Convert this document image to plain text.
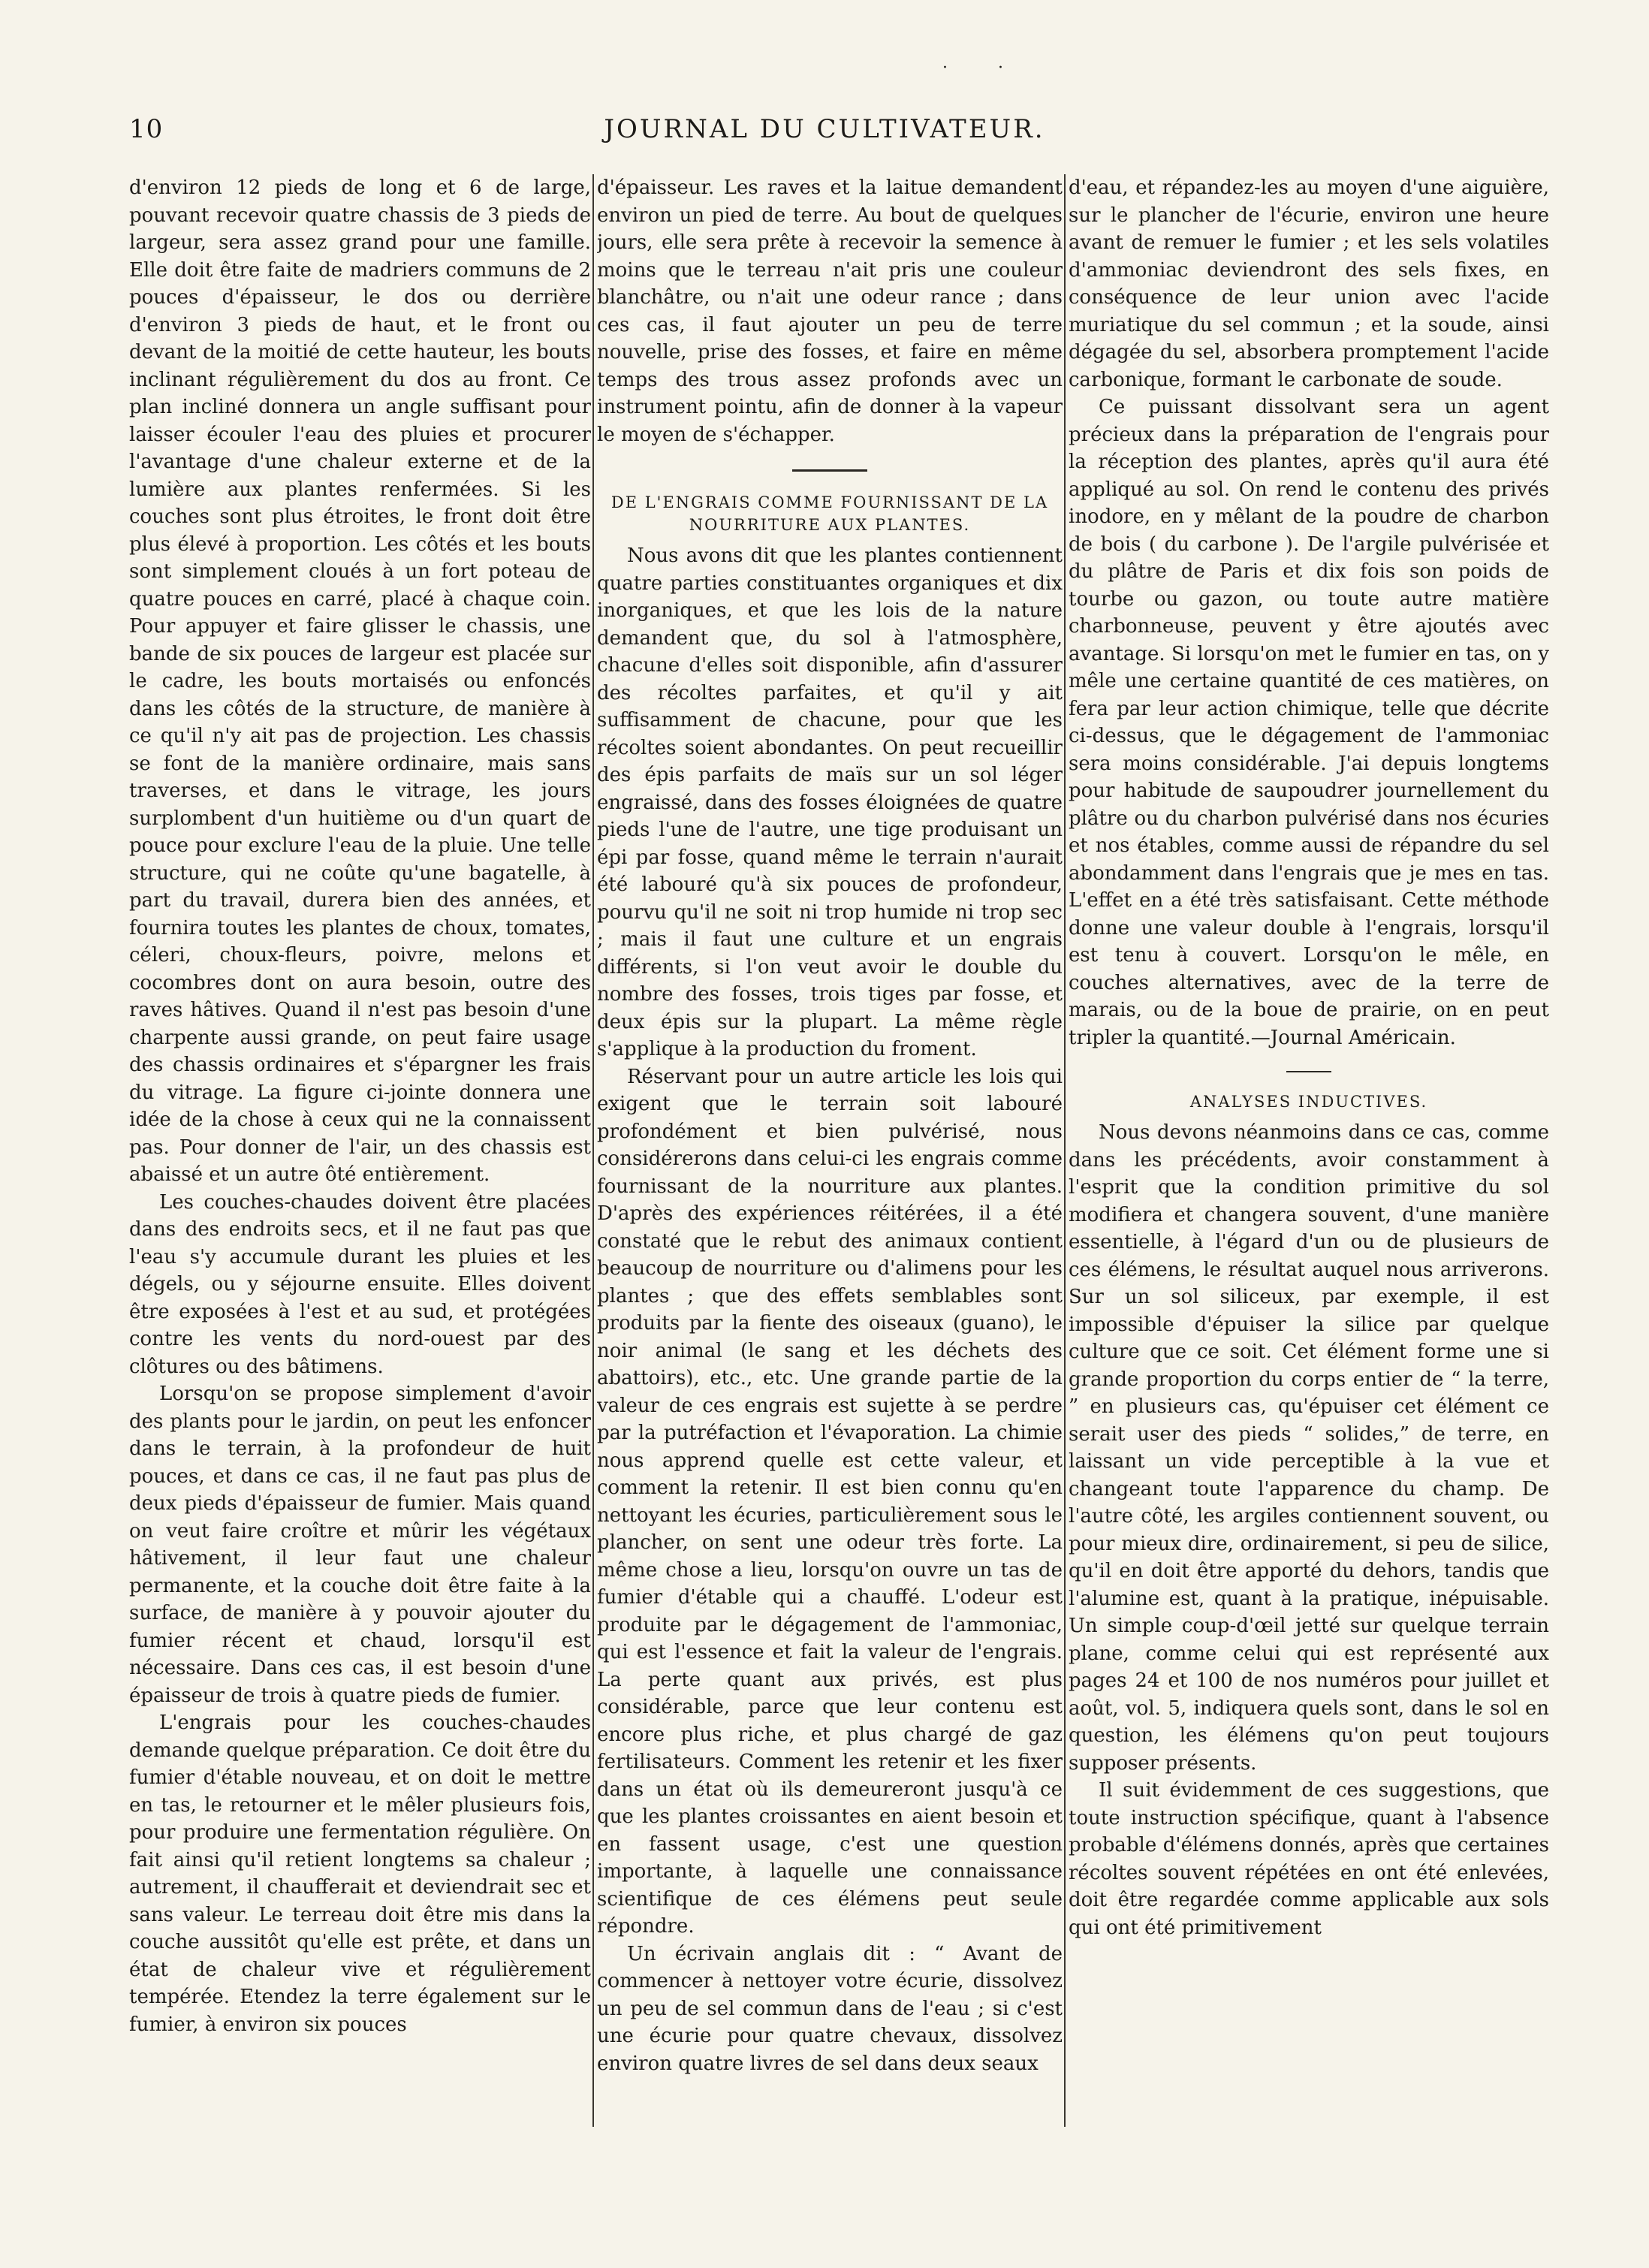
· ·
10	JOURNAL DU CULTIVATEUR.

d'environ 12 pieds de long et 6 de large, pouvant recevoir quatre chassis de 3 pieds de largeur, sera assez grand pour une famille. Elle doit être faite de madriers communs de 2 pouces d'épaisseur, le dos ou derrière d'environ 3 pieds de haut, et le front ou devant de la moitié de cette hauteur, les bouts inclinant régulièrement du dos au front. Ce plan incliné donnera un angle suffisant pour laisser écouler l'eau des pluies et procurer l'avantage d'une chaleur externe et de la lumière aux plantes renfermées. Si les couches sont plus étroites, le front doit être plus élevé à proportion. Les côtés et les bouts sont simplement cloués à un fort poteau de quatre pouces en carré, placé à chaque coin. Pour appuyer et faire glisser le chassis, une bande de six pouces de largeur est placée sur le cadre, les bouts mortaisés ou enfoncés dans les côtés de la structure, de manière à ce qu'il n'y ait pas de projection. Les chassis se font de la manière ordinaire, mais sans traverses, et dans le vitrage, les jours surplombent d'un huitième ou d'un quart de pouce pour exclure l'eau de la pluie. Une telle structure, qui ne coûte qu'une bagatelle, à part du travail, durera bien des années, et fournira toutes les plantes de choux, tomates, céleri, choux-fleurs, poivre, melons et cocombres dont on aura besoin, outre des raves hâtives. Quand il n'est pas besoin d'une charpente aussi grande, on peut faire usage des chassis ordinaires et s'épargner les frais du vitrage. La figure ci-jointe donnera une idée de la chose à ceux qui ne la connaissent pas. Pour donner de l'air, un des chassis est abaissé et un autre ôté entièrement.

Les couches-chaudes doivent être placées dans des endroits secs, et il ne faut pas que l'eau s'y accumule durant les pluies et les dégels, ou y séjourne ensuite. Elles doivent être exposées à l'est et au sud, et protégées contre les vents du nord-ouest par des clôtures ou des bâtimens.

Lorsqu'on se propose simplement d'avoir des plants pour le jardin, on peut les enfoncer dans le terrain, à la profondeur de huit pouces, et dans ce cas, il ne faut pas plus de deux pieds d'épaisseur de fumier. Mais quand on veut faire croître et mûrir les végétaux hâtivement, il leur faut une chaleur permanente, et la couche doit être faite à la surface, de manière à y pouvoir ajouter du fumier récent et chaud, lorsqu'il est nécessaire. Dans ces cas, il est besoin d'une épaisseur de trois à quatre pieds de fumier.

L'engrais pour les couches-chaudes demande quelque préparation. Ce doit être du fumier d'étable nouveau, et on doit le mettre en tas, le retourner et le mêler plusieurs fois, pour produire une fermentation régulière. On fait ainsi qu'il retient longtems sa chaleur ; autrement, il chaufferait et deviendrait sec et sans valeur. Le terreau doit être mis dans la couche aussitôt qu'elle est prête, et dans un état de chaleur vive et régulièrement tempérée. Etendez la terre également sur le fumier, à environ six pouces

d'épaisseur. Les raves et la laitue demandent environ un pied de terre. Au bout de quelques jours, elle sera prête à recevoir la semence à moins que le terreau n'ait pris une couleur blanchâtre, ou n'ait une odeur rance ; dans ces cas, il faut ajouter un peu de terre nouvelle, prise des fosses, et faire en même temps des trous assez profonds avec un instrument pointu, afin de donner à la vapeur le moyen de s'échapper.

DE L'ENGRAIS COMME FOURNISSANT DE LA NOURRITURE AUX PLANTES.

Nous avons dit que les plantes contiennent quatre parties constituantes organiques et dix inorganiques, et que les lois de la nature demandent que, du sol à l'atmosphère, chacune d'elles soit disponible, afin d'assurer des récoltes parfaites, et qu'il y ait suffisamment de chacune, pour que les récoltes soient abondantes. On peut recueillir des épis parfaits de maïs sur un sol léger engraissé, dans des fosses éloignées de quatre pieds l'une de l'autre, une tige produisant un épi par fosse, quand même le terrain n'aurait été labouré qu'à six pouces de profondeur, pourvu qu'il ne soit ni trop humide ni trop sec ; mais il faut une culture et un engrais différents, si l'on veut avoir le double du nombre des fosses, trois tiges par fosse, et deux épis sur la plupart. La même règle s'applique à la production du froment.

Réservant pour un autre article les lois qui exigent que le terrain soit labouré profondément et bien pulvérisé, nous considérerons dans celui-ci les engrais comme fournissant de la nourriture aux plantes. D'après des expériences réitérées, il a été constaté que le rebut des animaux contient beaucoup de nourriture ou d'alimens pour les plantes ; que des effets semblables sont produits par la fiente des oiseaux (guano), le noir animal (le sang et les déchets des abattoirs), etc., etc. Une grande partie de la valeur de ces engrais est sujette à se perdre par la putréfaction et l'évaporation. La chimie nous apprend quelle est cette valeur, et comment la retenir. Il est bien connu qu'en nettoyant les écuries, particulièrement sous le plancher, on sent une odeur très forte. La même chose a lieu, lorsqu'on ouvre un tas de fumier d'étable qui a chauffé. L'odeur est produite par le dégagement de l'ammoniac, qui est l'essence et fait la valeur de l'engrais. La perte quant aux privés, est plus considérable, parce que leur contenu est encore plus riche, et plus chargé de gaz fertilisateurs. Comment les retenir et les fixer dans un état où ils demeureront jusqu'à ce que les plantes croissantes en aient besoin et en fassent usage, c'est une question importante, à laquelle une connaissance scientifique de ces élémens peut seule répondre.

Un écrivain anglais dit : “ Avant de commencer à nettoyer votre écurie, dissolvez un peu de sel commun dans de l'eau ; si c'est une écurie pour quatre chevaux, dissolvez environ quatre livres de sel dans deux seaux

d'eau, et répandez-les au moyen d'une aiguière, sur le plancher de l'écurie, environ une heure avant de remuer le fumier ; et les sels volatiles d'ammoniac deviendront des sels fixes, en conséquence de leur union avec l'acide muriatique du sel commun ; et la soude, ainsi dégagée du sel, absorbera promptement l'acide carbonique, formant le carbonate de soude.

Ce puissant dissolvant sera un agent précieux dans la préparation de l'engrais pour la réception des plantes, après qu'il aura été appliqué au sol. On rend le contenu des privés inodore, en y mêlant de la poudre de charbon de bois ( du carbone ). De l'argile pulvérisée et du plâtre de Paris et dix fois son poids de tourbe ou gazon, ou toute autre matière charbonneuse, peuvent y être ajoutés avec avantage. Si lorsqu'on met le fumier en tas, on y mêle une certaine quantité de ces matières, on fera par leur action chimique, telle que décrite ci-dessus, que le dégagement de l'ammoniac sera moins considérable. J'ai depuis longtems pour habitude de saupoudrer journellement du plâtre ou du charbon pulvérisé dans nos écuries et nos étables, comme aussi de répandre du sel abondamment dans l'engrais que je mes en tas. L'effet en a été très satisfaisant. Cette méthode donne une valeur double à l'engrais, lorsqu'il est tenu à couvert. Lorsqu'on le mêle, en couches alternatives, avec de la terre de marais, ou de la boue de prairie, on en peut tripler la quantité.—Journal Américain.

ANALYSES INDUCTIVES.

Nous devons néanmoins dans ce cas, comme dans les précédents, avoir constamment à l'esprit que la condition primitive du sol modifiera et changera souvent, d'une manière essentielle, à l'égard d'un ou de plusieurs de ces élémens, le résultat auquel nous arriverons. Sur un sol siliceux, par exemple, il est impossible d'épuiser la silice par quelque culture que ce soit. Cet élément forme une si grande proportion du corps entier de “ la terre, ” en plusieurs cas, qu'épuiser cet élément ce serait user des pieds “ solides,” de terre, en laissant un vide perceptible à la vue et changeant toute l'apparence du champ. De l'autre côté, les argiles contiennent souvent, ou pour mieux dire, ordinairement, si peu de silice, qu'il en doit être apporté du dehors, tandis que l'alumine est, quant à la pratique, inépuisable. Un simple coup-d'œil jetté sur quelque terrain plane, comme celui qui est représenté aux pages 24 et 100 de nos numéros pour juillet et août, vol. 5, indiquera quels sont, dans le sol en question, les élémens qu'on peut toujours supposer présents.

Il suit évidemment de ces suggestions, que toute instruction spécifique, quant à l'absence probable d'élémens donnés, après que certaines récoltes souvent répétées en ont été enlevées, doit être regardée comme applicable aux sols qui ont été primitivement
